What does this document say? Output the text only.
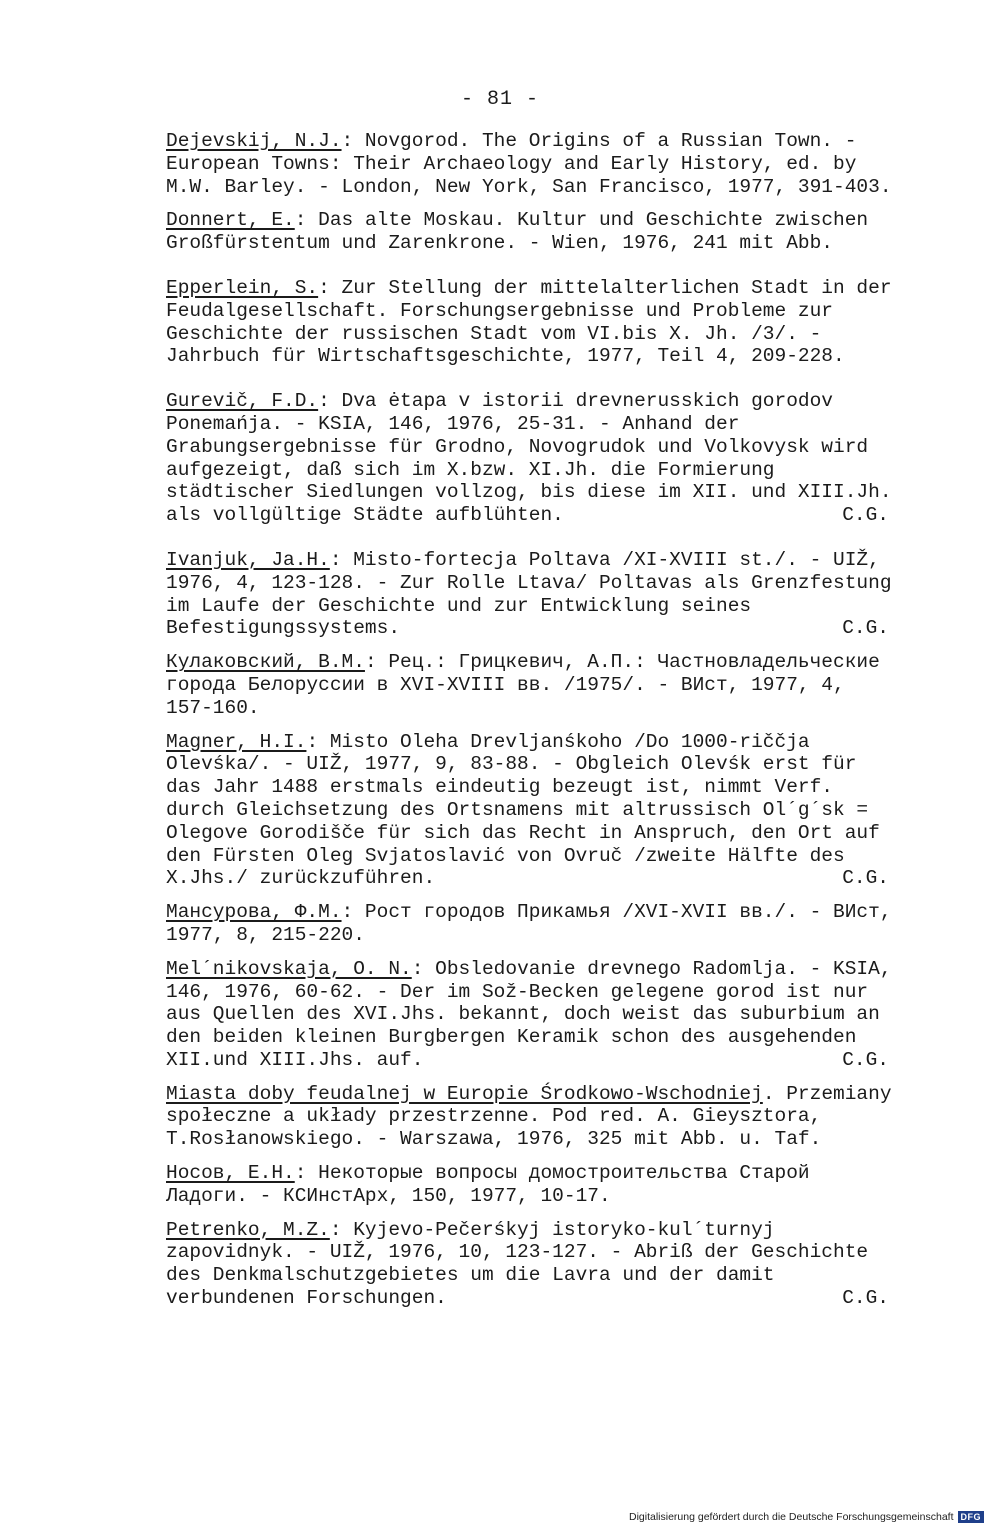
- 81 -
Dejevskij, N.J.: Novgorod. The Origins of a Russian Town. - European Towns: Their Archaeology and Early History, ed. by M.W. Barley. - London, New York, San Francisco, 1977, 391-403.
Donnert, E.: Das alte Moskau. Kultur und Geschichte zwischen Großfürstentum und Zarenkrone. - Wien, 1976, 241 mit Abb.
Epperlein, S.: Zur Stellung der mittelalterlichen Stadt in der Feudalgesellschaft. Forschungsergebnisse und Probleme zur Geschichte der russischen Stadt vom VI.bis X. Jh. /3/. - Jahrbuch für Wirtschaftsgeschichte, 1977, Teil 4, 209-228.
Gurevič, F.D.: Dva ėtapa v istorii drevnerusskich gorodov Ponemańja. - KSIA, 146, 1976, 25-31. - Anhand der Grabungsergebnisse für Grodno, Novogrudok und Volkovysk wird aufgezeigt, daß sich im X.bzw. XI.Jh. die Formierung städtischer Siedlungen vollzog, bis diese im XII. und XIII.Jh. als vollgültige Städte aufblühten.	C.G.
Ivanjuk, Ja.H.: Misto-fortecja Poltava /XI-XVIII st./. - UIŽ, 1976, 4, 123-128. - Zur Rolle Ltava/ Poltavas als Grenzfestung im Laufe der Geschichte und zur Entwicklung seines Befestigungssystems.	C.G.
Кулаковский, В.М.: Рец.: Грицкевич, А.П.: Частновладельческие города Белоруссии в XVI-XVIII вв. /1975/. - ВИст, 1977, 4, 157-160.
Magner, H.I.: Misto Oleha Drevljanśkoho /Do 1000-riččja Olevśka/. - UIŽ, 1977, 9, 83-88. - Obgleich Olevśk erst für das Jahr 1488 erstmals eindeutig bezeugt ist, nimmt Verf. durch Gleichsetzung des Ortsnamens mit altrussisch Ol´g´sk = Olegove Gorodišče für sich das Recht in Anspruch, den Ort auf den Fürsten Oleg Svjatoslavić von Ovruč /zweite Hälfte des X.Jhs./ zurückzuführen.	C.G.
Мансурова, Ф.М.: Рост городов Прикамья /XVI-XVII вв./. - ВИст, 1977, 8, 215-220.
Mel´nikovskaja, O. N.: Obsledovanie drevnego Radomlja. - KSIA, 146, 1976, 60-62. - Der im Sož-Becken gelegene gorod ist nur aus Quellen des XVI.Jhs. bekannt, doch weist das suburbium an den beiden kleinen Burgbergen Keramik schon des ausgehenden XII.und XIII.Jhs. auf.	C.G.
Miasta doby feudalnej w Europie Środkowo-Wschodniej. Przemiany społeczne a układy przestrzenne. Pod red. A. Gieysztora, T.Rosłanowskiego. - Warszawa, 1976, 325 mit Abb. u. Taf.
Носов, Е.Н.: Некоторые вопросы домостроительства Старой Ладоги. - КСИнстАрх, 150, 1977, 10-17.
Petrenko, M.Z.: Kyjevo-Pečerśkyj istoryko-kul´turnyj zapovidnyk. - UIŽ, 1976, 10, 123-127. - Abriß der Geschichte des Denkmalschutzgebietes um die Lavra und der damit verbundenen Forschungen.	C.G.
Digitalisierung gefördert durch die Deutsche Forschungsgemeinschaft DFG
